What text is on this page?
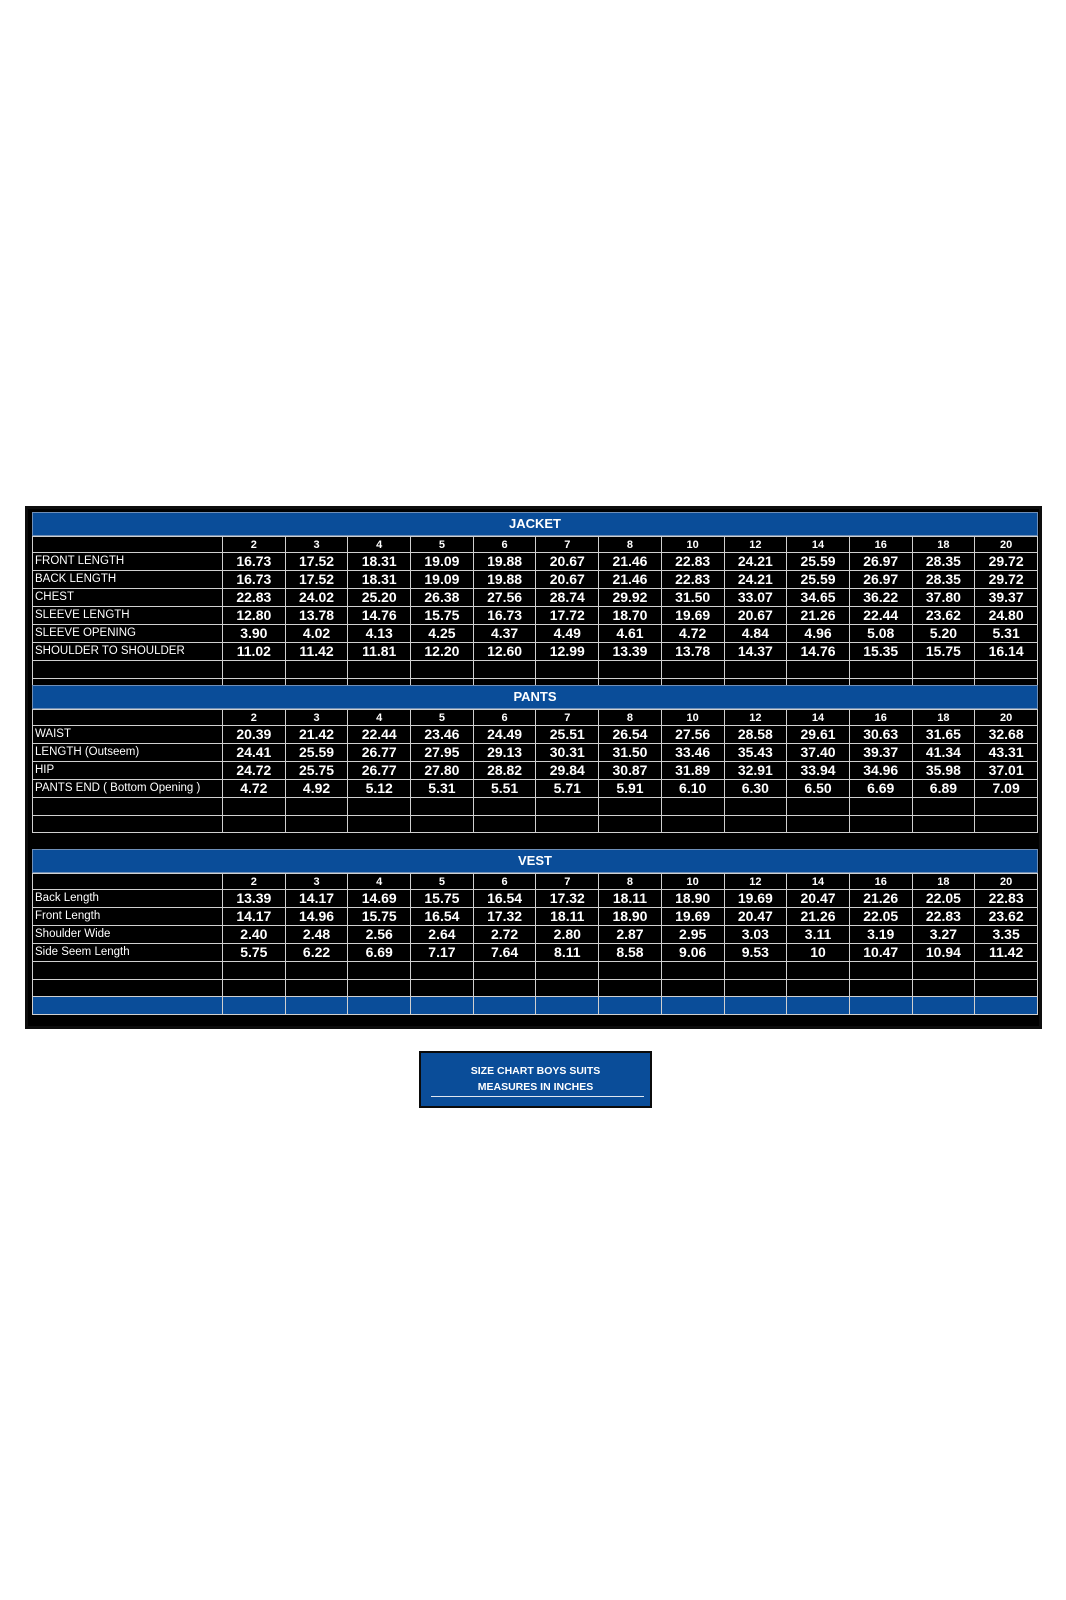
JACKET
	2	3	4	5	6	7	8	10	12	14	16	18	20
FRONT LENGTH	16.73	17.52	18.31	19.09	19.88	20.67	21.46	22.83	24.21	25.59	26.97	28.35	29.72
BACK LENGTH	16.73	17.52	18.31	19.09	19.88	20.67	21.46	22.83	24.21	25.59	26.97	28.35	29.72
CHEST	22.83	24.02	25.20	26.38	27.56	28.74	29.92	31.50	33.07	34.65	36.22	37.80	39.37
SLEEVE LENGTH	12.80	13.78	14.76	15.75	16.73	17.72	18.70	19.69	20.67	21.26	22.44	23.62	24.80
SLEEVE OPENING	3.90	4.02	4.13	4.25	4.37	4.49	4.61	4.72	4.84	4.96	5.08	5.20	5.31
SHOULDER TO SHOULDER	11.02	11.42	11.81	12.20	12.60	12.99	13.39	13.78	14.37	14.76	15.35	15.75	16.14

PANTS
	2	3	4	5	6	7	8	10	12	14	16	18	20
WAIST	20.39	21.42	22.44	23.46	24.49	25.51	26.54	27.56	28.58	29.61	30.63	31.65	32.68
LENGTH (Outseem)	24.41	25.59	26.77	27.95	29.13	30.31	31.50	33.46	35.43	37.40	39.37	41.34	43.31
HIP	24.72	25.75	26.77	27.80	28.82	29.84	30.87	31.89	32.91	33.94	34.96	35.98	37.01
PANTS END ( Bottom Opening )	4.72	4.92	5.12	5.31	5.51	5.71	5.91	6.10	6.30	6.50	6.69	6.89	7.09

VEST
	2	3	4	5	6	7	8	10	12	14	16	18	20
Back Length	13.39	14.17	14.69	15.75	16.54	17.32	18.11	18.90	19.69	20.47	21.26	22.05	22.83
Front Length	14.17	14.96	15.75	16.54	17.32	18.11	18.90	19.69	20.47	21.26	22.05	22.83	23.62
Shoulder Wide	2.40	2.48	2.56	2.64	2.72	2.80	2.87	2.95	3.03	3.11	3.19	3.27	3.35
Side Seem Length	5.75	6.22	6.69	7.17	7.64	8.11	8.58	9.06	9.53	10	10.47	10.94	11.42

SIZE CHART BOYS SUITS
MEASURES IN INCHES
